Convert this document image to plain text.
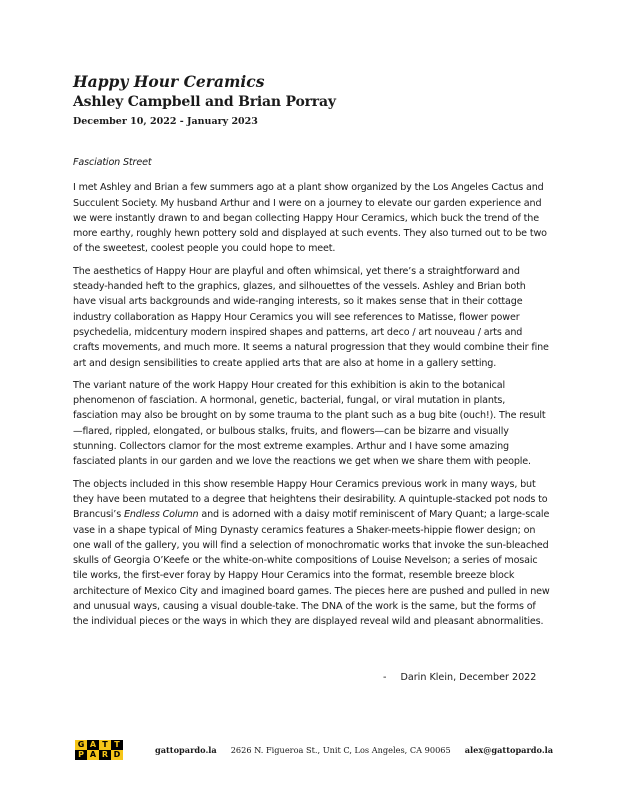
Happy Hour Ceramics
Ashley Campbell and Brian Porray
December 10, 2022 - January 2023

Fasciation Street

I met Ashley and Brian a few summers ago at a plant show organized by the Los Angeles Cactus and Succulent Society. My husband Arthur and I were on a journey to elevate our garden experience and we were instantly drawn to and began collecting Happy Hour Ceramics, which buck the trend of the more earthy, roughly hewn pottery sold and displayed at such events. They also turned out to be two of the sweetest, coolest people you could hope to meet.

The aesthetics of Happy Hour are playful and often whimsical, yet there’s a straightforward and steady-handed heft to the graphics, glazes, and silhouettes of the vessels. Ashley and Brian both have visual arts backgrounds and wide-ranging interests, so it makes sense that in their cottage industry collaboration as Happy Hour Ceramics you will see references to Matisse, flower power psychedelia, midcentury modern inspired shapes and patterns, art deco / art nouveau / arts and crafts movements, and much more. It seems a natural progression that they would combine their fine art and design sensibilities to create applied arts that are also at home in a gallery setting.

The variant nature of the work Happy Hour created for this exhibition is akin to the botanical phenomenon of fasciation. A hormonal, genetic, bacterial, fungal, or viral mutation in plants, fasciation may also be brought on by some trauma to the plant such as a bug bite (ouch!). The result—flared, rippled, elongated, or bulbous stalks, fruits, and flowers—can be bizarre and visually stunning. Collectors clamor for the most extreme examples. Arthur and I have some amazing fasciated plants in our garden and we love the reactions we get when we share them with people.

The objects included in this show resemble Happy Hour Ceramics previous work in many ways, but they have been mutated to a degree that heightens their desirability. A quintuple-stacked pot nods to Brancusi’s Endless Column and is adorned with a daisy motif reminiscent of Mary Quant; a large-scale vase in a shape typical of Ming Dynasty ceramics features a Shaker-meets-hippie flower design; on one wall of the gallery, you will find a selection of monochromatic works that invoke the sun-bleached skulls of Georgia O’Keefe or the white-on-white compositions of Louise Nevelson; a series of mosaic tile works, the first-ever foray by Happy Hour Ceramics into the format, resemble breeze block architecture of Mexico City and imagined board games. The pieces here are pushed and pulled in new and unusual ways, causing a visual double-take. The DNA of the work is the same, but the forms of the individual pieces or the ways in which they are displayed reveal wild and pleasant abnormalities.

- Darin Klein, December 2022
G A T T
P A R D	gattopardo.la 2626 N. Figueroa St., Unit C, Los Angeles, CA 90065 alex@gattopardo.la
